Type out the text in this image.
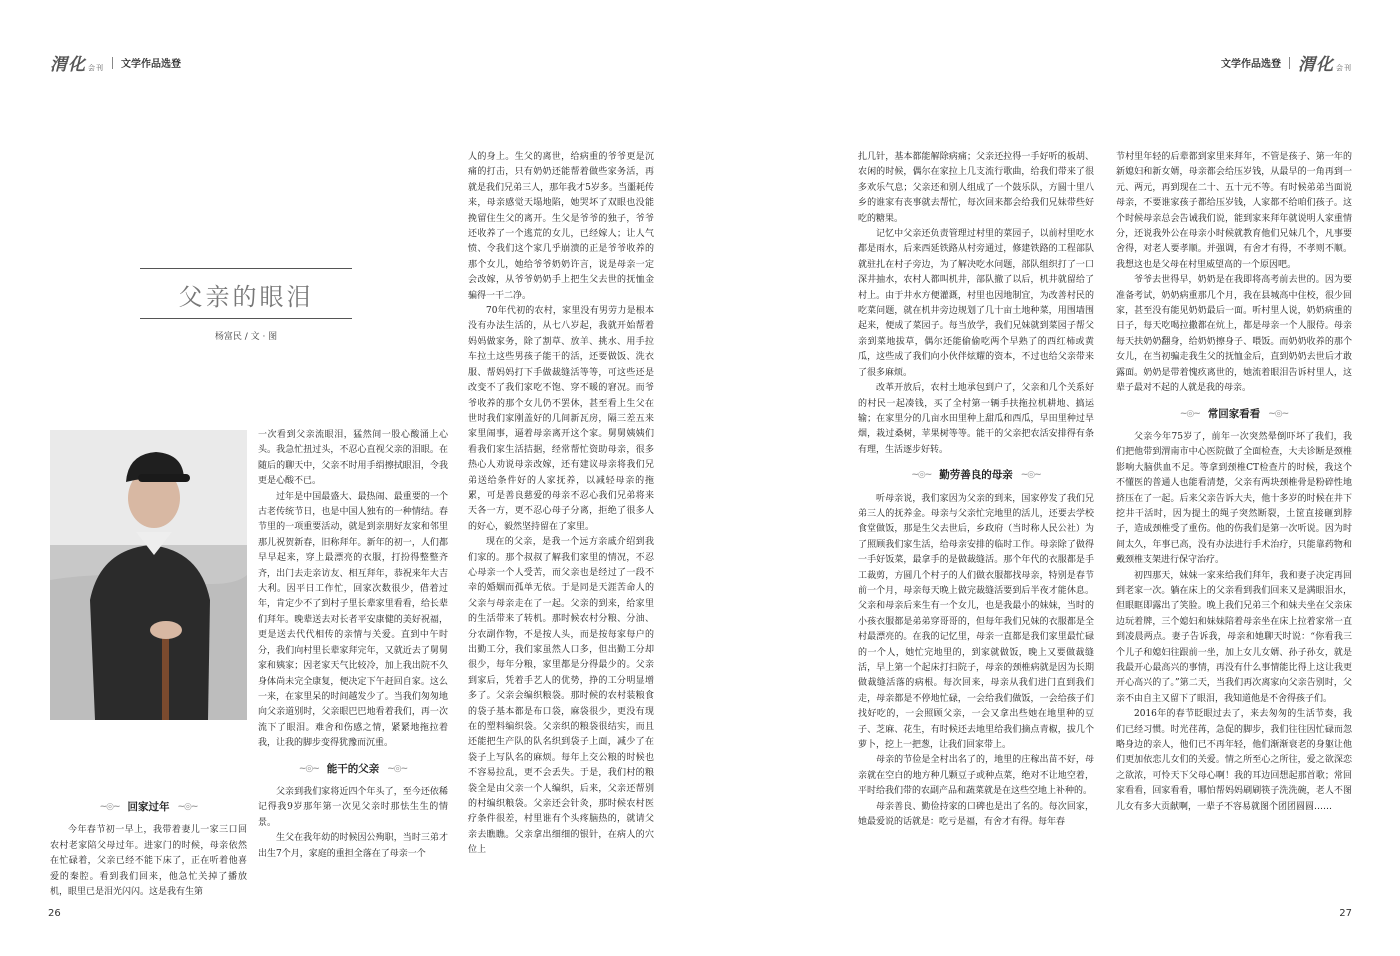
渭化 会刊 文学作品选登
父亲的眼泪
杨富民 / 文 · 图
~◎~ 回家过年 ~◎~

今年春节初一早上，我带着妻儿一家三口回农村老家陪父母过年。进家门的时候，母亲依然在忙碌着，父亲已经不能下床了，正在听着他喜爱的秦腔。看到我们回来，他急忙关掉了播放机，眼里已是泪光闪闪。这是我有生第

一次看到父亲流眼泪，猛然间一股心酸涌上心头。我急忙扭过头，不忍心直视父亲的泪眼。在随后的聊天中，父亲不时用手绢擦拭眼泪，令我更是心酸不已。

过年是中国最盛大、最热闹、最重要的一个古老传统节日，也是中国人独有的一种情结。春节里的一项重要活动，就是到亲朋好友家和邻里那儿祝贺新春，旧称拜年。新年的初一，人们都早早起来，穿上最漂亮的衣服，打扮得整整齐齐，出门去走亲访友、相互拜年，恭祝来年大吉大利。因平日工作忙，回家次数很少，借着过年，肯定少不了到村子里长辈家里看看，给长辈们拜年。晚辈送去对长者平安康健的美好祝福，更是送去代代相传的亲情与关爱。直到中午时分，我们向村里长辈家拜完年，又就近去了舅舅家和姨家；因老家天气比较冷，加上我出院不久身体尚未完全康复，便决定下午赶回自家。这么一来，在家里呆的时间越发少了。当我们匆匆地向父亲道别时，父亲眼巴巴地看着我们，再一次流下了眼泪。难舍和伤感之情，紧紧地拖拉着我，让我的脚步变得犹豫而沉重。

~◎~ 能干的父亲 ~◎~

父亲到我们家将近四个年头了，至今还依稀记得我9岁那年第一次见父亲时那怯生生的情景。

生父在我年幼的时候因公殉职，当时三弟才出生7个月，家庭的重担全落在了母亲一个

人的身上。生父的离世，给病重的爷爷更是沉痛的打击，只有奶奶还能帮着做些家务活，再就是我们兄弟三人，那年我才5岁多。当噩耗传来，母亲感觉天塌地陷，她哭坏了双眼也没能挽留住生父的离开。生父是爷爷的独子，爷爷还收养了一个逃荒的女儿，已经嫁人；让人气愤、令我们这个家几乎崩溃的正是爷爷收养的那个女儿，她给爷爷奶奶许言，说是母亲一定会改嫁，从爷爷奶奶手上把生父去世的抚恤金骗得一干二净。

70年代初的农村，家里没有男劳力是根本没有办法生活的，从七八岁起，我就开始帮着妈妈做家务，除了割草、放羊、挑水、用手拉车拉土这些男孩子能干的活，还要做饭、洗衣服、帮妈妈打下手做裁缝活等等，可这些还是改变不了我们家吃不饱、穿不暖的窘况。而爷爷收养的那个女儿仍不罢休，甚至看上生父在世时我们家刚盖好的几间新瓦房，隔三差五来家里闹事，逼着母亲离开这个家。舅舅姨姨们看我们家生活拮据，经常帮忙资助母亲，很多热心人劝说母亲改嫁，还有建议母亲将我们兄弟送给条件好的人家抚养，以减轻母亲的拖累，可是善良慈爱的母亲不忍心我们兄弟将来天各一方，更不忍心母子分离，拒绝了很多人的好心，毅然坚持留在了家里。

现在的父亲，是我一个远方亲戚介绍到我们家的。那个叔叔了解我们家里的情况，不忍心母亲一个人受苦，而父亲也是经过了一段不幸的婚姻而孤单无依。于是同是天涯苦命人的父亲与母亲走在了一起。父亲的到来，给家里的生活带来了转机。那时候农村分粮、分油、分农副作物，不是按人头，而是按每家每户的出勤工分，我们家虽然人口多，但出勤工分却很少，每年分粮，家里都是分得最少的。父亲到家后，凭着手艺人的优势，挣的工分明显增多了。父亲会编织粮袋。那时候的农村装粮食的袋子基本都是布口袋，麻袋很少，更没有现在的塑料编织袋。父亲织的粮袋很结实，而且还能把生产队的队名织到袋子上面，减少了在袋子上写队名的麻烦。每年上交公粮的时候也不容易拉乱，更不会丢失。于是，我们村的粮袋全是由父亲一个人编织，后来，父亲还帮别的村编织粮袋。父亲还会针灸，那时候农村医疗条件很差，村里谁有个头疼脑热的，就请父亲去瞧瞧。父亲拿出细细的银针，在病人的穴位上

26
文学作品选登 渭化 会刊

扎几针，基本都能解除病痛；父亲还拉得一手好听的板胡、农闲的时候，偶尔在家拉上几支流行歌曲，给我们带来了很多欢乐气息；父亲还和别人组成了一个鼓乐队，方圆十里八乡的谁家有丧事就去帮忙，每次回来都会给我们兄妹带些好吃的糖果。

记忆中父亲还负责管理过村里的菜园子，以前村里吃水都是雨水，后来西延铁路从村旁通过，修建铁路的工程部队就驻扎在村子旁边，为了解决吃水问题，部队组织打了一口深井抽水，农村人都叫机井，部队撤了以后，机井就留给了村上。由于井水方便灌溉，村里也因地制宜，为改善村民的吃菜问题，就在机井旁边规划了几十亩土地种菜，用围墙围起来，便成了菜园子。每当放学，我们兄妹就到菜园子帮父亲到菜地拔草，偶尔还能偷偷吃两个早熟了的西红柿或黄瓜，这些成了我们向小伙伴炫耀的资本，不过也给父亲带来了很多麻烦。

改革开放后，农村土地承包到户了，父亲和几个关系好的村民一起凑钱，买了全村第一辆手扶拖拉机耕地、搞运输；在家里分的几亩水田里种上甜瓜和西瓜，早田里种过旱烟，栽过桑树，苹果树等等。能干的父亲把农活安排得有条有理，生活逐步好转。

~◎~ 勤劳善良的母亲 ~◎~

听母亲说，我们家因为父亲的到来，国家停发了我们兄弟三人的抚养金。母亲与父亲忙完地里的活儿，还要去学校食堂做饭，那是生父去世后，乡政府（当时称人民公社）为了照顾我们家生活，给母亲安排的临时工作。母亲除了做得一手好饭菜，最拿手的是做裁缝活。那个年代的衣服都是手工裁剪，方圆几个村子的人们做衣服都找母亲，特别是春节前一个月，母亲每天晚上做完裁缝活要到后半夜才能休息。父亲和母亲后来生有一个女儿，也是我最小的妹妹，当时的小孩衣服都是弟弟穿哥哥的，但每年我们兄妹的衣服都是全村最漂亮的。在我的记忆里，母亲一直都是我们家里最忙碌的一个人，她忙完地里的，到家就做饭，晚上又要做裁缝活，早上第一个起床打扫院子，母亲的颈椎病就是因为长期做裁缝活落的病根。每次回来，母亲从我们进门直到我们走，母亲都是不停地忙碌，一会给我们做饭，一会给孩子们找好吃的，一会照顾父亲，一会又拿出些她在地里种的豆子、芝麻、花生，有时候还去地里给我们摘点青椒，拔几个萝卜，挖上一把葱，让我们回家带上。

母亲的节俭是全村出名了的，地里的庄稼出苗不好，母亲就在空白的地方种几颗豆子或种点菜，绝对不让地空着，平时给我们带的农副产品和蔬菜就是在这些空地上补种的。

母亲善良、勤俭持家的口碑也是出了名的。每次回家，她最爱说的话就是：吃亏是福，有舍才有得。每年春

节村里年轻的后辈都到家里来拜年，不管是孩子、第一年的新媳妇和新女婿，母亲都会给压岁钱，从最早的一角再到一元、两元，再到现在二十、五十元不等。有时候弟弟当面说母亲，不要谁家孩子都给压岁钱，人家都不给咱们孩子。这个时候母亲总会告诫我们说，能到家来拜年就说明人家重情分，还说我外公在母亲小时候就教育他们兄妹几个，凡事要舍得，对老人要孝顺。并强调，有舍才有得，不孝则不顺。我想这也是父母在村里威望高的一个原因吧。

爷爷去世得早，奶奶是在我即将高考前去世的。因为要准备考试，奶奶病重那几个月，我在县城高中住校，很少回家，甚至没有能见奶奶最后一面。听村里人说，奶奶病重的日子，每天吃喝拉撒都在炕上，都是母亲一个人服侍。母亲每天扶奶奶翻身，给奶奶擦身子、喂饭。而奶奶收养的那个女儿，在当初骗走我生父的抚恤金后，直到奶奶去世后才敢露面。奶奶是带着愧疚离世的，她流着眼泪告诉村里人，这辈子最对不起的人就是我的母亲。

~◎~ 常回家看看 ~◎~

父亲今年75岁了，前年一次突然晕倒吓坏了我们，我们把他带到渭南市中心医院做了全面检查，大夫诊断是颈椎影响大脑供血不足。等拿到颈椎CT检查片的时候，我这个不懂医的普通人也能看清楚，父亲有两块颈椎骨是粉碎性地挤压在了一起。后来父亲告诉大夫，他十多岁的时候在井下挖井干活时，因为提土的绳子突然断裂，土筐直接砸到脖子，造成颈椎受了重伤。他的伤我们是第一次听说。因为时间太久，年事已高，没有办法进行手术治疗，只能靠药物和戴颈椎支架进行保守治疗。

初四那天，妹妹一家来给我们拜年，我和妻子决定再回到老家一次。躺在床上的父亲看到我们回来又是满眼泪水，但眼眶即露出了笑脸。晚上我们兄弟三个和妹夫坐在父亲床边玩着牌，三个媳妇和妹妹陪着母亲坐在床上拉着家常一直到凌晨两点。妻子告诉我，母亲和她聊天时说：“你看我三个儿子和媳妇往跟前一坐，加上女儿女婿、孙子孙女，就是我最开心最高兴的事情，再没有什么事情能比得上这让我更开心高兴的了。”第二天，当我们再次离家向父亲告别时，父亲不由自主又留下了眼泪，我知道他是不舍得孩子们。

2016年的春节眨眼过去了，来去匆匆的生活节奏，我们已经习惯。时光荏苒，急促的脚步，我们往往因忙碌而忽略身边的亲人，他们已不再年轻，他们渐渐衰老的身躯让他们更加依恋儿女们的关爱。情之所至心之所往，爱之欲深恋之欲浓，可怜天下父母心啊！我的耳边回想起那首歌；常回家看看，回家看看，哪怕帮妈妈刷刷筷子洗洗碗，老人不图儿女有多大贡献啊，一辈子不容易就图个团团圆圆……

27
